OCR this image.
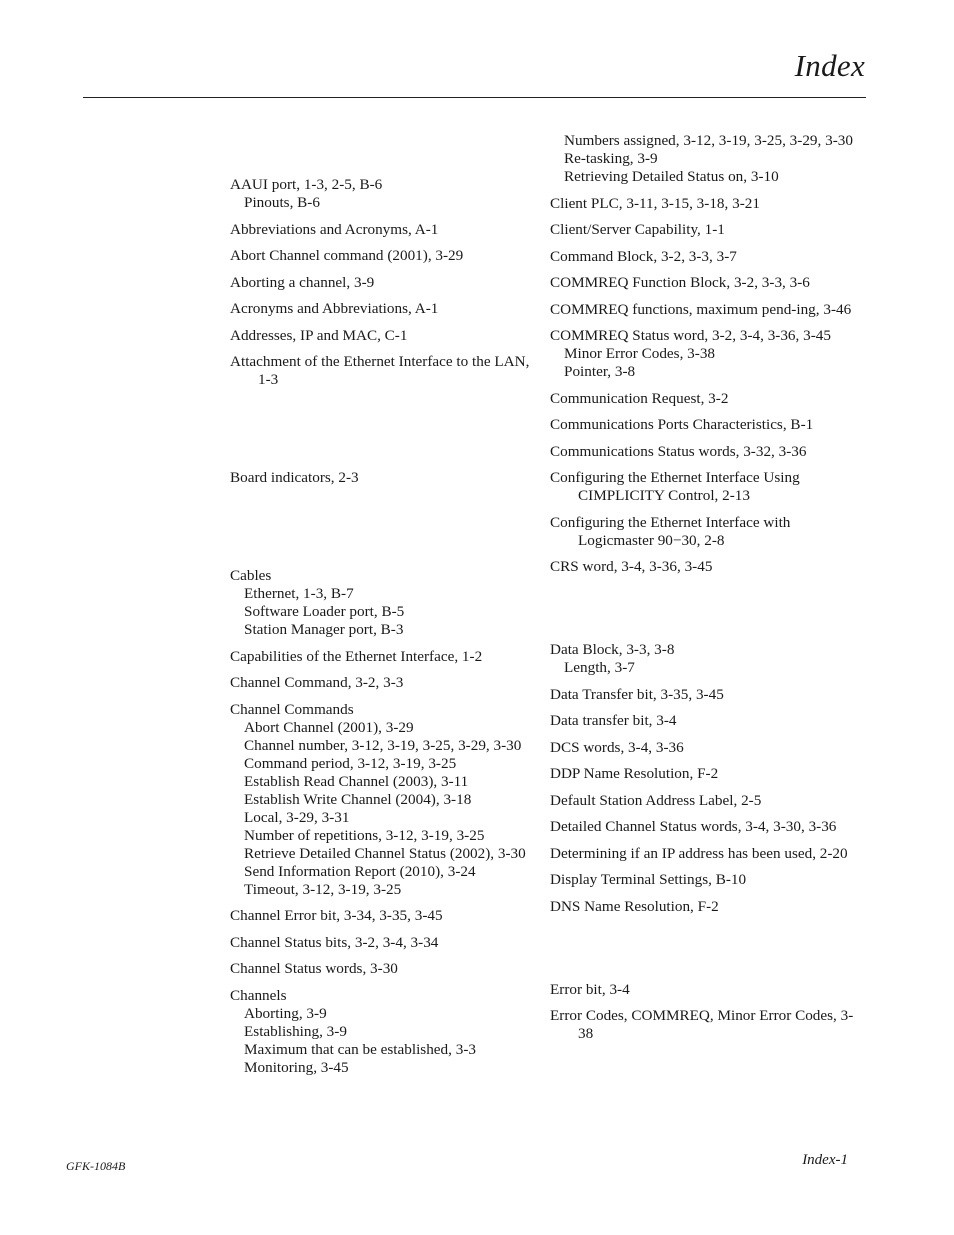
Index
AAUI port, 1-3, 2-5, B-6
Pinouts, B-6
Abbreviations and Acronyms, A-1
Abort Channel command (2001), 3-29
Aborting a channel, 3-9
Acronyms and Abbreviations, A-1
Addresses, IP and MAC, C-1
Attachment of the Ethernet Interface to the LAN, 1-3
Board indicators, 2-3
Cables
Ethernet, 1-3, B-7
Software Loader port, B-5
Station Manager port, B-3
Capabilities of the Ethernet Interface, 1-2
Channel Command, 3-2, 3-3
Channel Commands
Abort Channel (2001), 3-29
Channel number, 3-12, 3-19, 3-25, 3-29, 3-30
Command period, 3-12, 3-19, 3-25
Establish Read Channel (2003), 3-11
Establish Write Channel (2004), 3-18
Local, 3-29, 3-31
Number of repetitions, 3-12, 3-19, 3-25
Retrieve Detailed Channel Status (2002), 3-30
Send Information Report (2010), 3-24
Timeout, 3-12, 3-19, 3-25
Channel Error bit, 3-34, 3-35, 3-45
Channel Status bits, 3-2, 3-4, 3-34
Channel Status words, 3-30
Channels
Aborting, 3-9
Establishing, 3-9
Maximum that can be established, 3-3
Monitoring, 3-45
Numbers assigned, 3-12, 3-19, 3-25, 3-29, 3-30
Re-tasking, 3-9
Retrieving Detailed Status on, 3-10
Client PLC, 3-11, 3-15, 3-18, 3-21
Client/Server Capability, 1-1
Command Block, 3-2, 3-3, 3-7
COMMREQ Function Block, 3-2, 3-3, 3-6
COMMREQ functions, maximum pend-ing, 3-46
COMMREQ Status word, 3-2, 3-4, 3-36, 3-45
Minor Error Codes, 3-38
Pointer, 3-8
Communication Request, 3-2
Communications Ports Characteristics, B-1
Communications Status words, 3-32, 3-36
Configuring the Ethernet Interface Using CIMPLICITY Control, 2-13
Configuring the Ethernet Interface with Logicmaster 90−30, 2-8
CRS word, 3-4, 3-36, 3-45
Data Block, 3-3, 3-8
Length, 3-7
Data Transfer bit, 3-35, 3-45
Data transfer bit, 3-4
DCS words, 3-4, 3-36
DDP Name Resolution, F-2
Default Station Address Label, 2-5
Detailed Channel Status words, 3-4, 3-30, 3-36
Determining if an IP address has been used, 2-20
Display Terminal Settings, B-10
DNS Name Resolution, F-2
Error bit, 3-4
Error Codes, COMMREQ, Minor Error Codes, 3-38
GFK-1084B	Index-1
